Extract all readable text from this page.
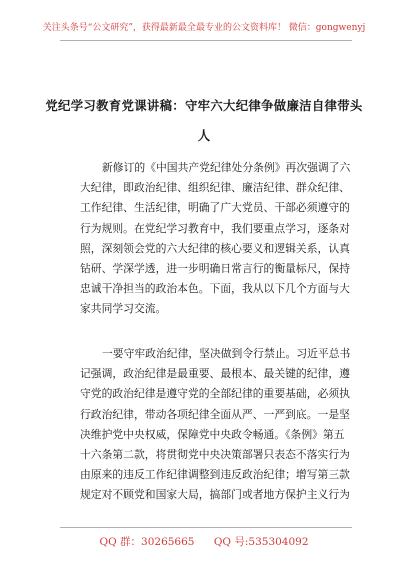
关注头条号“公文研究”，获得最新最全最专业的公文资料库！ 微信：gongwenyj
党纪学习教育党课讲稿：守牢六大纪律争做廉洁自律带头
人
新修订的《中国共产党纪律处分条例》再次强调了六
大纪律，即政治纪律、组织纪律、廉洁纪律、群众纪律、
工作纪律、生活纪律，明确了广大党员、干部必须遵守的
行为规则。在党纪学习教育中，我们要重点学习，逐条对
照，深刻领会党的六大纪律的核心要义和逻辑关系，认真
钻研、学深学透，进一步明确日常言行的衡量标尺，保持
忠诚干净担当的政治本色。下面，我从以下几个方面与大
家共同学习交流。
一要守牢政治纪律，坚决做到令行禁止。习近平总书
记强调，政治纪律是最重要、最根本、最关键的纪律，遵
守党的政治纪律是遵守党的全部纪律的重要基础，必须执
行政治纪律，带动各项纪律全面从严、一严到底。一是坚
决维护党中央权威，保障党中央政令畅通。《条例》第五
十六条第二款，将贯彻党中央决策部署只表态不落实行为
由原来的违反工作纪律调整到违反政治纪律；增写第三款
规定对不顾党和国家大局，搞部门或者地方保护主义行为
QQ 群：30265665 QQ 号:535304092
